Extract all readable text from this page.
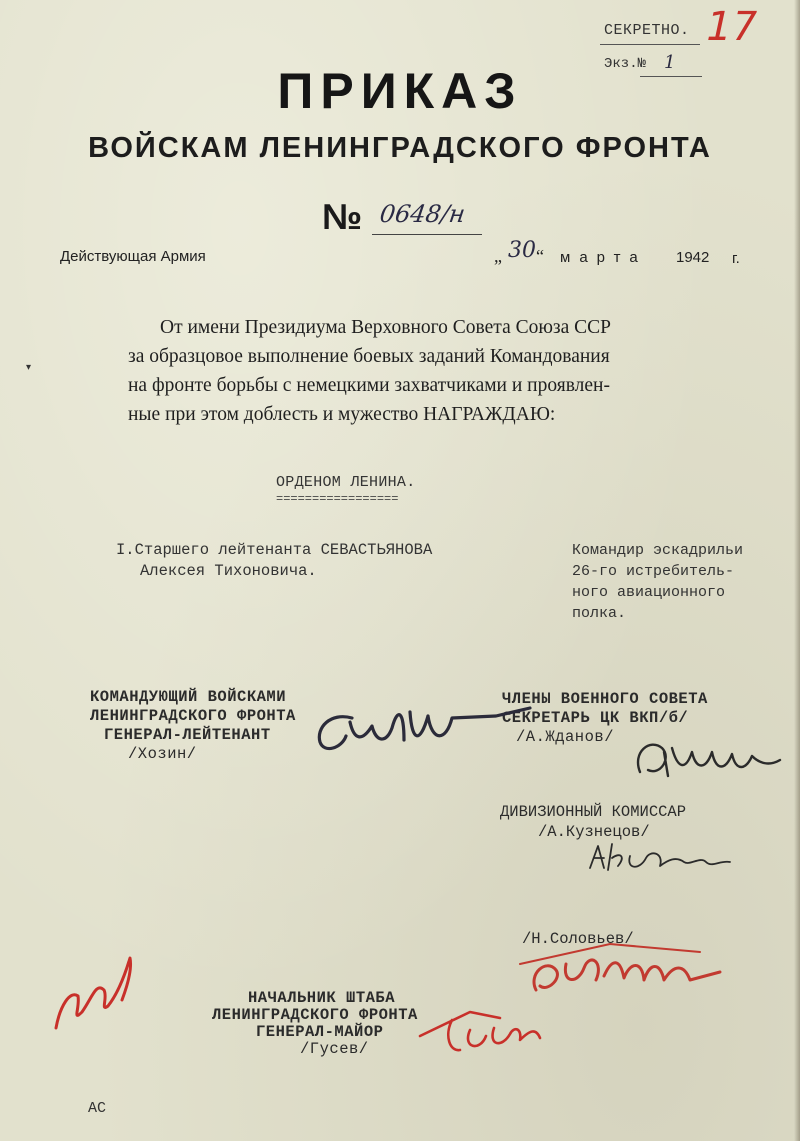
СЕКРЕТНО.
Экз.№ 1
17
ПРИКАЗ
ВОЙСКАМ ЛЕНИНГРАДСКОГО ФРОНТА
№ 0648/н
Действующая Армия	„ 30 “ марта 1942 г.
От имени Президиума Верховного Совета Союза ССР
за образцовое выполнение боевых заданий Командования
на фронте борьбы с немецкими захватчиками и проявлен-
ные при этом доблесть и мужество НАГРАЖДАЮ:
▾
ОРДЕНОМ ЛЕНИНА.
=================
I.Старшего лейтенанта СЕВАСТЬЯНОВА
Алексея Тихоновича.
Командир эскадрильи
26-го истребитель-
ного авиационного
полка.
КОМАНДУЮЩИЙ ВОЙСКАМИ
ЛЕНИНГРАДСКОГО ФРОНТА
ГЕНЕРАЛ-ЛЕЙТЕНАНТ
/Хозин/
ЧЛЕНЫ ВОЕННОГО СОВЕТА
СЕКРЕТАРЬ ЦК ВКП/б/
/А.Жданов/
ДИВИЗИОННЫЙ КОМИССАР
/А.Кузнецов/
/Н.Соловьев/
НАЧАЛЬНИК ШТАБА
ЛЕНИНГРАДСКОГО ФРОНТА
ГЕНЕРАЛ-МАЙОР
/Гусев/
АС
